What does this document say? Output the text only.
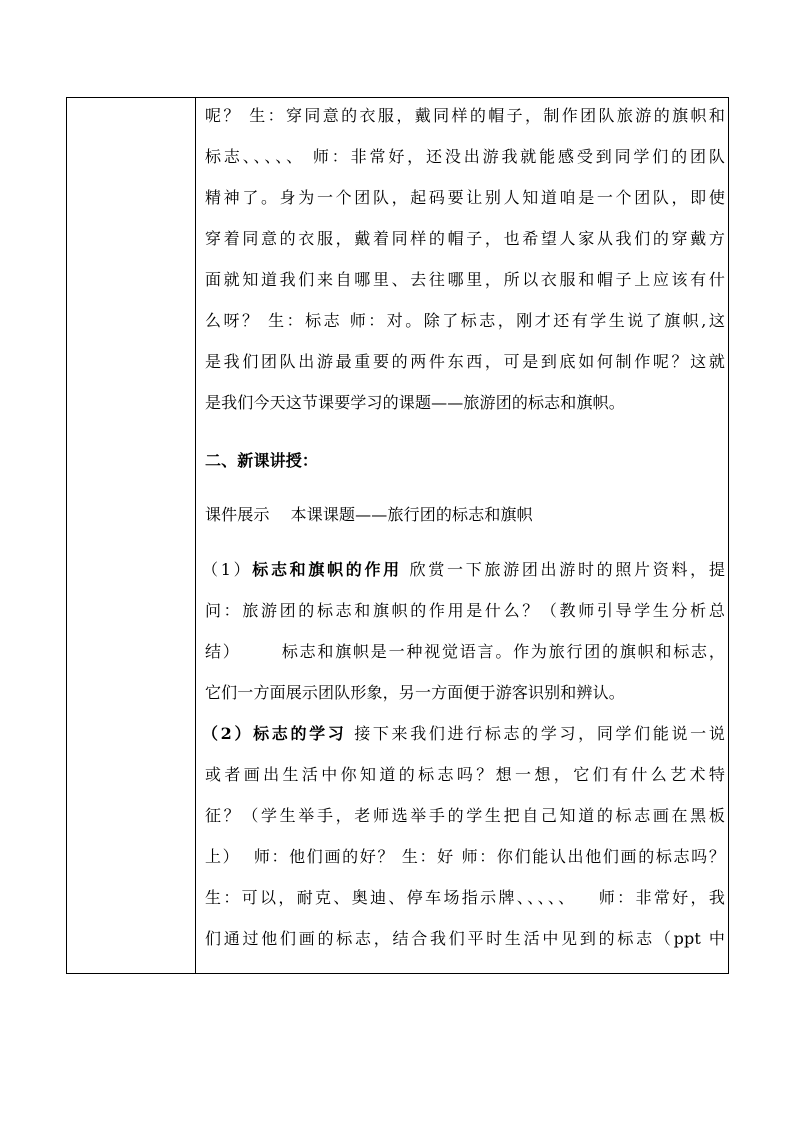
呢？ 生：穿同意的衣服，戴同样的帽子，制作团队旅游的旗帜和
标志、、、、、 师：非常好，还没出游我就能感受到同学们的团队
精神了。身为一个团队，起码要让别人知道咱是一个团队，即使
穿着同意的衣服，戴着同样的帽子，也希望人家从我们的穿戴方
面就知道我们来自哪里、去往哪里，所以衣服和帽子上应该有什
么呀？ 生：标志 师：对。除了标志，刚才还有学生说了旗帜,这
是我们团队出游最重要的两件东西，可是到底如何制作呢？这就
是我们今天这节课要学习的课题——旅游团的标志和旗帜。
二、新课讲授：
课件展示    本课课题——旅行团的标志和旗帜
（1）标志和旗帜的作用 欣赏一下旅游团出游时的照片资料，提
问：旅游团的标志和旗帜的作用是什么？（教师引导学生分析总
结）      标志和旗帜是一种视觉语言。作为旅行团的旗帜和标志，
它们一方面展示团队形象，另一方面便于游客识别和辨认。
（2）标志的学习 接下来我们进行标志的学习，同学们能说一说
或者画出生活中你知道的标志吗？想一想，它们有什么艺术特
征？（学生举手，老师选举手的学生把自己知道的标志画在黑板
上）  师：他们画的好？ 生：好 师：你们能认出他们画的标志吗？
生：可以，耐克、奥迪、停车场指示牌、、、、、   师：非常好，我
们通过他们画的标志，结合我们平时生活中见到的标志（ppt 中
